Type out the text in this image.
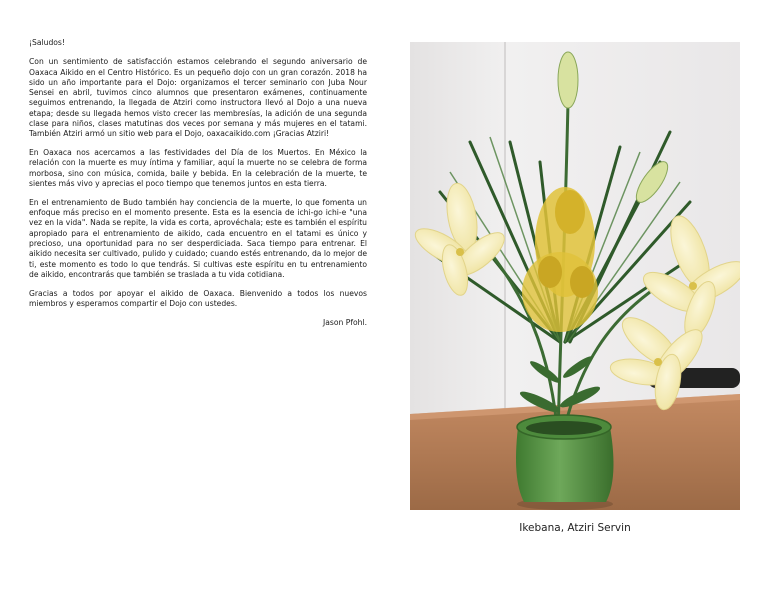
¡Saludos!

Con un sentimiento de satisfacción estamos celebrando el segundo aniversario de Oaxaca Aikido en el Centro Histórico. Es un pequeño dojo con un gran corazón. 2018 ha sido un año importante para el Dojo: organizamos el tercer seminario con Juba Nour Sensei en abril, tuvimos cinco alumnos que presentaron exámenes, continuamente seguimos entrenando, la llegada de Atziri como instructora llevó al Dojo a una nueva etapa; desde su llegada hemos visto crecer las membresías, la adición de una segunda clase para niños, clases matutinas dos veces por semana y más mujeres en el tatami. También Atziri armó un sitio web para el Dojo, oaxacaikido.com ¡Gracias Atziri!

En Oaxaca nos acercamos a las festividades del Día de los Muertos. En México la relación con la muerte es muy íntima y familiar, aquí la muerte no se celebra de forma morbosa, sino con música, comida, baile y bebida. En la celebración de la muerte, te sientes más vivo y aprecias el poco tiempo que tenemos juntos en esta tierra.

En el entrenamiento de Budo también hay conciencia de la muerte, lo que fomenta un enfoque más preciso en el momento presente. Esta es la esencia de ichi-go ichi-e "una vez en la vida". Nada se repite, la vida es corta, aprovéchala; este es también el espíritu apropiado para el entrenamiento de aikido, cada encuentro en el tatami es único y precioso, una oportunidad para no ser desperdiciada. Saca tiempo para entrenar. El aikido necesita ser cultivado, pulido y cuidado; cuando estés entrenando, da lo mejor de ti, este momento es todo lo que tendrás. Si cultivas este espíritu en tu entrenamiento de aikido, encontrarás que también se traslada a tu vida cotidiana.

Gracias a todos por apoyar el aikido de Oaxaca. Bienvenido a todos los nuevos miembros y esperamos compartir el Dojo con ustedes.

Jason Pfohl.

Ikebana, Atziri Servin
